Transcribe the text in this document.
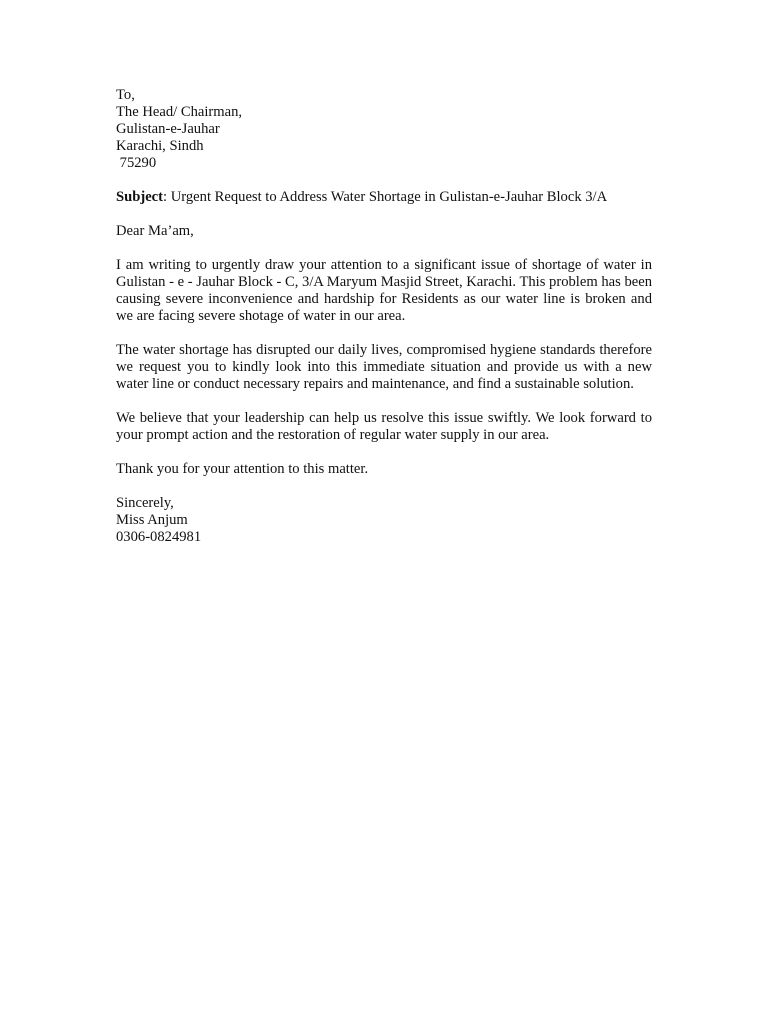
To,
The Head/ Chairman,
Gulistan-e-Jauhar
Karachi, Sindh
75290
Subject: Urgent Request to Address Water Shortage in Gulistan-e-Jauhar Block 3/A
Dear Ma’am,

I am writing to urgently draw your attention to a significant issue of shortage of water in Gulistan - e - Jauhar Block - C, 3/A Maryum Masjid Street, Karachi. This problem has been causing severe inconvenience and hardship for Residents as our water line is broken and we are facing severe shotage of water in our area.

The water shortage has disrupted our daily lives, compromised hygiene standards therefore we request you to kindly look into this immediate situation and provide us with a new water line or conduct necessary repairs and maintenance, and find a sustainable solution.

We believe that your leadership can help us resolve this issue swiftly. We look forward to your prompt action and the restoration of regular water supply in our area.

Thank you for your attention to this matter.

Sincerely,
Miss Anjum
0306-0824981
